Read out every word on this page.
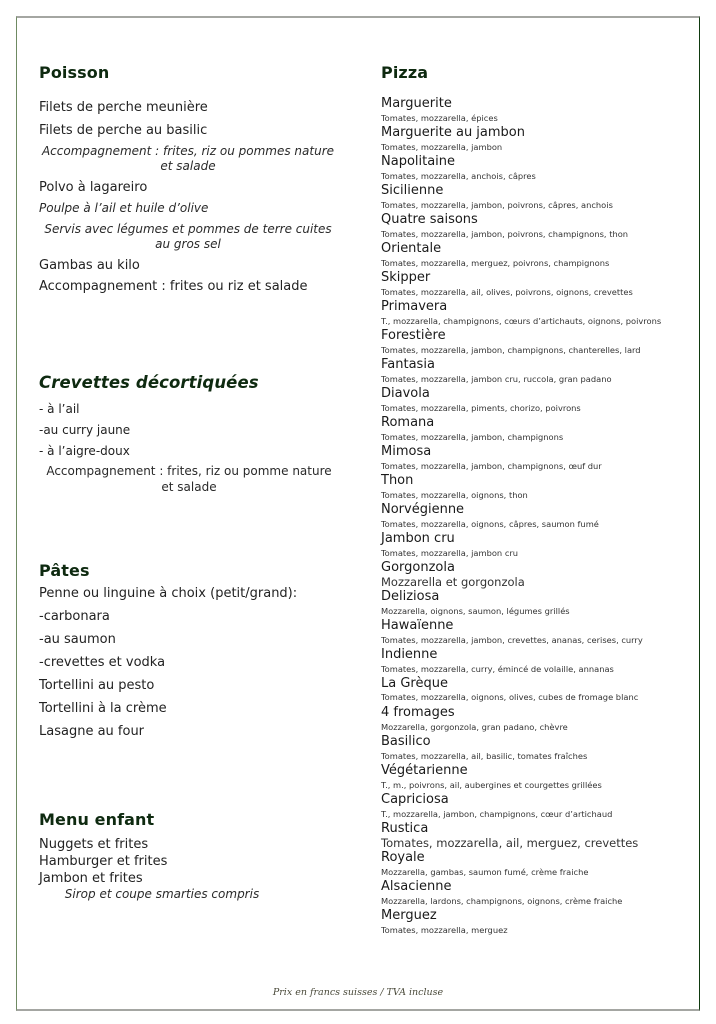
Poisson
Filets de perche meunière
Filets de perche au basilic
Accompagnement : frites, riz ou pommes nature et salade
Polvo à lagareiro
Poulpe à l’ail et huile d’olive
Servis avec légumes et pommes de terre cuites au gros sel
Gambas au kilo
Accompagnement : frites ou riz et salade
Crevettes décortiquées
- à l’ail
-au curry jaune
- à l’aigre-doux
Accompagnement : frites, riz ou pomme nature et salade
Pâtes
Penne ou linguine à choix (petit/grand):
-carbonara
-au saumon
-crevettes et vodka
Tortellini au pesto
Tortellini à la crème
Lasagne au four
Menu enfant
Nuggets et frites
Hamburger et frites
Jambon et frites
Sirop et coupe smarties compris
Pizza
Marguerite
Tomates, mozzarella, épices
Marguerite au jambon
Tomates, mozzarella, jambon
Napolitaine
Tomates, mozzarella, anchois, câpres
Sicilienne
Tomates, mozzarella, jambon, poivrons, câpres, anchois
Quatre saisons
Tomates, mozzarella, jambon, poivrons, champignons, thon
Orientale
Tomates, mozzarella, merguez, poivrons, champignons
Skipper
Tomates, mozzarella, ail, olives, poivrons, oignons, crevettes
Primavera
T., mozzarella, champignons, cœurs d’artichauts, oignons, poivrons
Forestière
Tomates, mozzarella, jambon, champignons, chanterelles, lard
Fantasia
Tomates, mozzarella, jambon cru, ruccola, gran padano
Diavola
Tomates, mozzarella, piments, chorizo, poivrons
Romana
Tomates, mozzarella, jambon, champignons
Mimosa
Tomates, mozzarella, jambon, champignons, œuf dur
Thon
Tomates, mozzarella, oignons, thon
Norvégienne
Tomates, mozzarella, oignons, câpres, saumon fumé
Jambon cru
Tomates, mozzarella, jambon cru
Gorgonzola
Mozzarella et gorgonzola
Deliziosa
Mozzarella, oignons, saumon, légumes grillés
Hawaïenne
Tomates, mozzarella, jambon, crevettes, ananas, cerises, curry
Indienne
Tomates, mozzarella, curry, émincé de volaille, annanas
La Grèque
Tomates, mozzarella, oignons, olives, cubes de fromage blanc
4 fromages
Mozzarella, gorgonzola, gran padano, chèvre
Basilico
Tomates, mozzarella, ail, basilic, tomates fraîches
Végétarienne
T., m., poivrons, ail, aubergines et courgettes grillées
Capriciosa
T., mozzarella, jambon, champignons, cœur d’artichaud
Rustica
Tomates, mozzarella, ail, merguez, crevettes
Royale
Mozzarella, gambas, saumon fumé, crème fraiche
Alsacienne
Mozzarella, lardons, champignons, oignons, crème fraiche
Merguez
Tomates, mozzarella, merguez
Prix en francs suisses / TVA incluse
